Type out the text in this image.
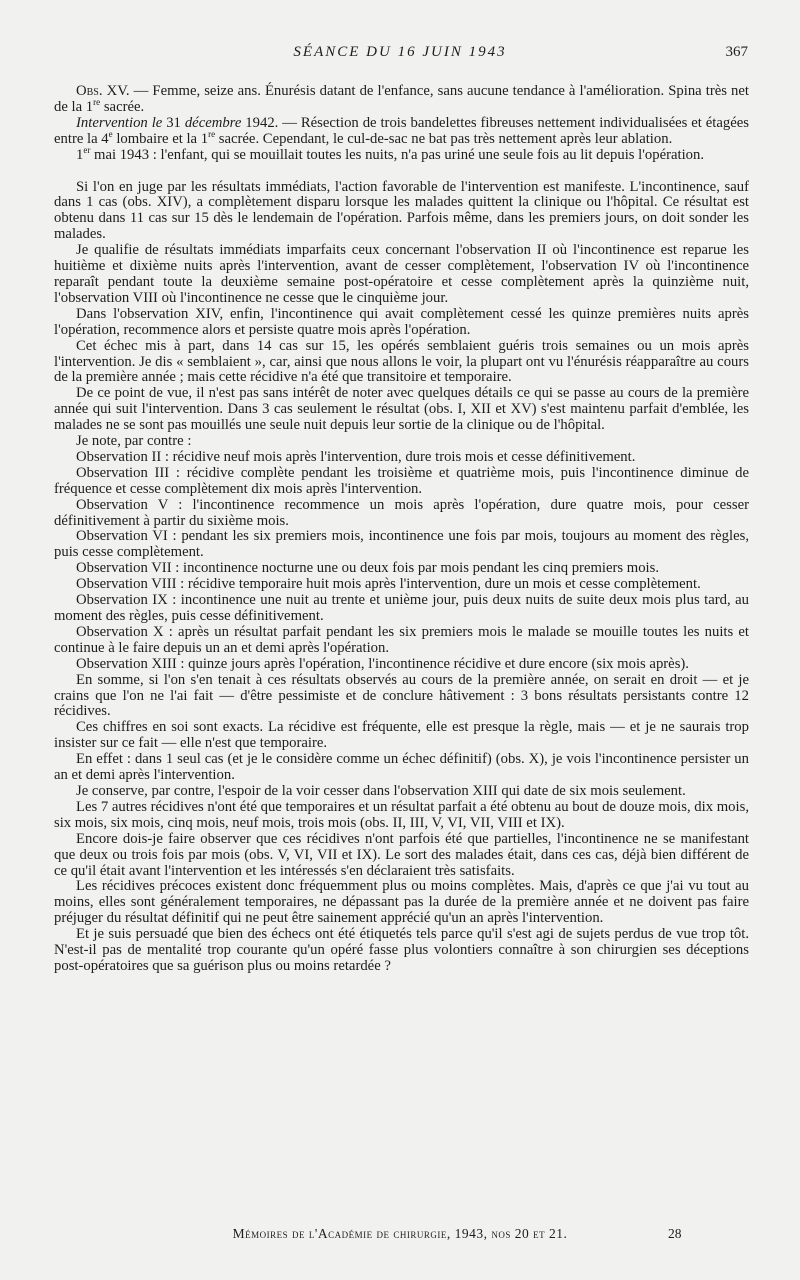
SÉANCE DU 16 JUIN 1943	367

Obs. XV. — Femme, seize ans. Énurésis datant de l'enfance, sans aucune tendance à l'amélioration. Spina très net de la 1re sacrée.

Intervention le 31 décembre 1942. — Résection de trois bandelettes fibreuses nettement individualisées et étagées entre la 4e lombaire et la 1re sacrée. Cependant, le cul-de-sac ne bat pas très nettement après leur ablation.

1er mai 1943 : l'enfant, qui se mouillait toutes les nuits, n'a pas uriné une seule fois au lit depuis l'opération.

Si l'on en juge par les résultats immédiats, l'action favorable de l'intervention est manifeste. L'incontinence, sauf dans 1 cas (obs. XIV), a complètement disparu lorsque les malades quittent la clinique ou l'hôpital. Ce résultat est obtenu dans 11 cas sur 15 dès le lendemain de l'opération. Parfois même, dans les premiers jours, on doit sonder les malades.

Je qualifie de résultats immédiats imparfaits ceux concernant l'observation II où l'incontinence est reparue les huitième et dixième nuits après l'intervention, avant de cesser complètement, l'observation IV où l'incontinence reparaît pendant toute la deuxième semaine post-opératoire et cesse complètement après la quinzième nuit, l'observation VIII où l'incontinence ne cesse que le cinquième jour.

Dans l'observation XIV, enfin, l'incontinence qui avait complètement cessé les quinze premières nuits après l'opération, recommence alors et persiste quatre mois après l'opération.

Cet échec mis à part, dans 14 cas sur 15, les opérés semblaient guéris trois semaines ou un mois après l'intervention. Je dis « semblaient », car, ainsi que nous allons le voir, la plupart ont vu l'énurésis réapparaître au cours de la première année ; mais cette récidive n'a été que transitoire et temporaire.

De ce point de vue, il n'est pas sans intérêt de noter avec quelques détails ce qui se passe au cours de la première année qui suit l'intervention. Dans 3 cas seulement le résultat (obs. I, XII et XV) s'est maintenu parfait d'emblée, les malades ne se sont pas mouillés une seule nuit depuis leur sortie de la clinique ou de l'hôpital.

Je note, par contre :

Observation II : récidive neuf mois après l'intervention, dure trois mois et cesse définitivement.

Observation III : récidive complète pendant les troisième et quatrième mois, puis l'incontinence diminue de fréquence et cesse complètement dix mois après l'intervention.

Observation V : l'incontinence recommence un mois après l'opération, dure quatre mois, pour cesser définitivement à partir du sixième mois.

Observation VI : pendant les six premiers mois, incontinence une fois par mois, toujours au moment des règles, puis cesse complètement.

Observation VII : incontinence nocturne une ou deux fois par mois pendant les cinq premiers mois.

Observation VIII : récidive temporaire huit mois après l'intervention, dure un mois et cesse complètement.

Observation IX : incontinence une nuit au trente et unième jour, puis deux nuits de suite deux mois plus tard, au moment des règles, puis cesse définitivement.

Observation X : après un résultat parfait pendant les six premiers mois le malade se mouille toutes les nuits et continue à le faire depuis un an et demi après l'opération.

Observation XIII : quinze jours après l'opération, l'incontinence récidive et dure encore (six mois après).

En somme, si l'on s'en tenait à ces résultats observés au cours de la première année, on serait en droit — et je crains que l'on ne l'ai fait — d'être pessimiste et de conclure hâtivement : 3 bons résultats persistants contre 12 récidives.

Ces chiffres en soi sont exacts. La récidive est fréquente, elle est presque la règle, mais — et je ne saurais trop insister sur ce fait — elle n'est que temporaire.

En effet : dans 1 seul cas (et je le considère comme un échec définitif) (obs. X), je vois l'incontinence persister un an et demi après l'intervention.

Je conserve, par contre, l'espoir de la voir cesser dans l'observation XIII qui date de six mois seulement.

Les 7 autres récidives n'ont été que temporaires et un résultat parfait a été obtenu au bout de douze mois, dix mois, six mois, six mois, cinq mois, neuf mois, trois mois (obs. II, III, V, VI, VII, VIII et IX).

Encore dois-je faire observer que ces récidives n'ont parfois été que partielles, l'incontinence ne se manifestant que deux ou trois fois par mois (obs. V, VI, VII et IX). Le sort des malades était, dans ces cas, déjà bien différent de ce qu'il était avant l'intervention et les intéressés s'en déclaraient très satisfaits.

Les récidives précoces existent donc fréquemment plus ou moins complètes. Mais, d'après ce que j'ai vu tout au moins, elles sont généralement temporaires, ne dépassant pas la durée de la première année et ne doivent pas faire préjuger du résultat définitif qui ne peut être sainement apprécié qu'un an après l'intervention.

Et je suis persuadé que bien des échecs ont été étiquetés tels parce qu'il s'est agi de sujets perdus de vue trop tôt. N'est-il pas de mentalité trop courante qu'un opéré fasse plus volontiers connaître à son chirurgien ses déceptions post-opératoires que sa guérison plus ou moins retardée ?

Mémoires de l'Académie de chirurgie, 1943, nos 20 et 21.	28
